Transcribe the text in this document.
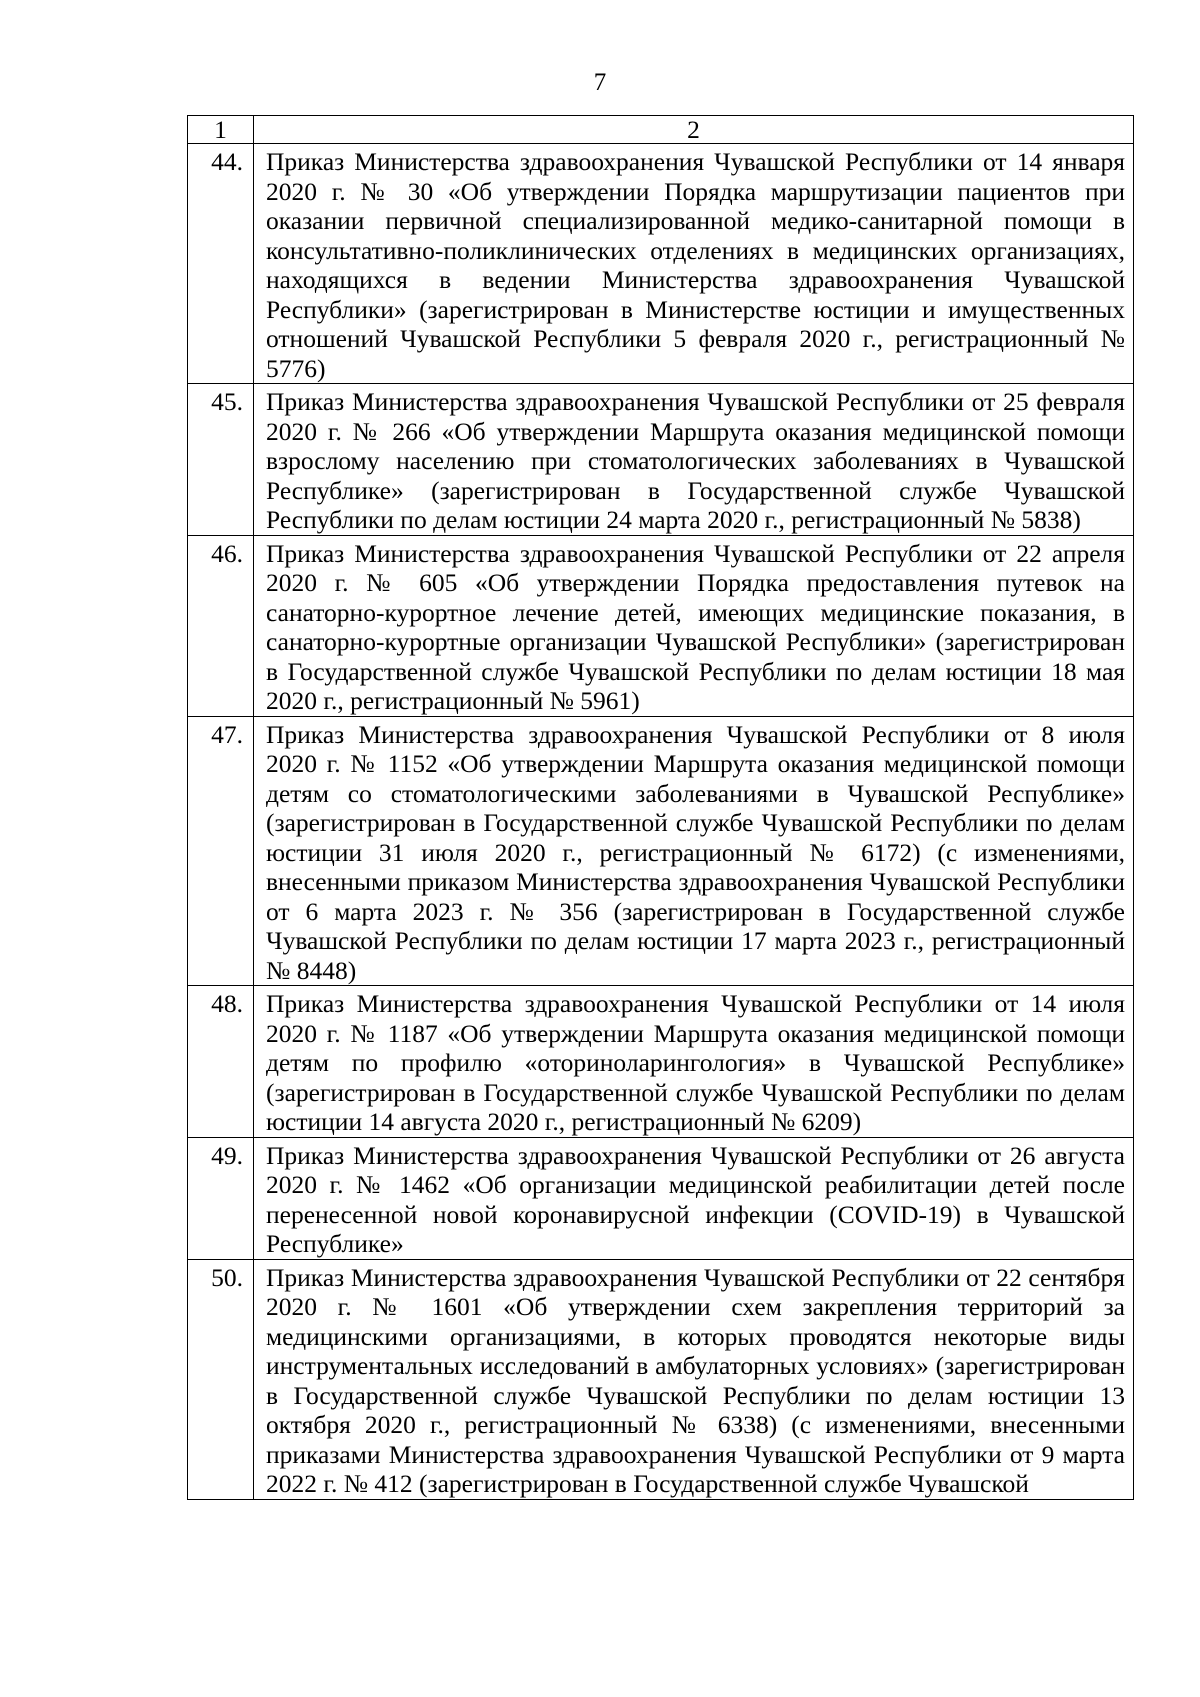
7
1	2
44.	Приказ Министерства здравоохранения Чувашской Республики от 14 января 2020 г. № 30 «Об утверждении Порядка маршрутизации пациентов при оказании первичной специализированной медико-санитарной помощи в консультативно-поликлинических отделениях в медицинских организациях, находящихся в ведении Министерства здравоохранения Чувашской Республики» (зарегистрирован в Министерстве юстиции и имущественных отношений Чувашской Республики 5 февраля 2020 г., регистрационный № 5776)
45.	Приказ Министерства здравоохранения Чувашской Республики от 25 февраля 2020 г. № 266 «Об утверждении Маршрута оказания медицинской помощи взрослому населению при стоматологических заболеваниях в Чувашской Республике» (зарегистрирован в Государственной службе Чувашской Республики по делам юстиции 24 марта 2020 г., регистрационный № 5838)
46.	Приказ Министерства здравоохранения Чувашской Республики от 22 апреля 2020 г. № 605 «Об утверждении Порядка предоставления путевок на санаторно-курортное лечение детей, имеющих медицинские показания, в санаторно-курортные организации Чувашской Республики» (зарегистрирован в Государственной службе Чувашской Республики по делам юстиции 18 мая 2020 г., регистрационный № 5961)
47.	Приказ Министерства здравоохранения Чувашской Республики от 8 июля 2020 г. № 1152 «Об утверждении Маршрута оказания медицинской помощи детям со стоматологическими заболеваниями в Чувашской Республике» (зарегистрирован в Государственной службе Чувашской Республики по делам юстиции 31 июля 2020 г., регистрационный № 6172) (с изменениями, внесенными приказом Министерства здравоохранения Чувашской Республики от 6 марта 2023 г. № 356 (зарегистрирован в Государственной службе Чувашской Республики по делам юстиции 17 марта 2023 г., регистрационный № 8448)
48.	Приказ Министерства здравоохранения Чувашской Республики от 14 июля 2020 г. № 1187 «Об утверждении Маршрута оказания медицинской помощи детям по профилю «оториноларингология» в Чувашской Республике» (зарегистрирован в Государственной службе Чувашской Республики по делам юстиции 14 августа 2020 г., регистрационный № 6209)
49.	Приказ Министерства здравоохранения Чувашской Республики от 26 августа 2020 г. № 1462 «Об организации медицинской реабилитации детей после перенесенной новой коронавирусной инфекции (COVID-19) в Чувашской Республике»
50.	Приказ Министерства здравоохранения Чувашской Республики от 22 сентября 2020 г. № 1601 «Об утверждении схем закрепления территорий за медицинскими организациями, в которых проводятся некоторые виды инструментальных исследований в амбулаторных условиях» (зарегистрирован в Государственной службе Чувашской Республики по делам юстиции 13 октября 2020 г., регистрационный № 6338) (с изменениями, внесенными приказами Министерства здравоохранения Чувашской Республики от 9 марта 2022 г. № 412 (зарегистрирован в Государственной службе Чувашской
